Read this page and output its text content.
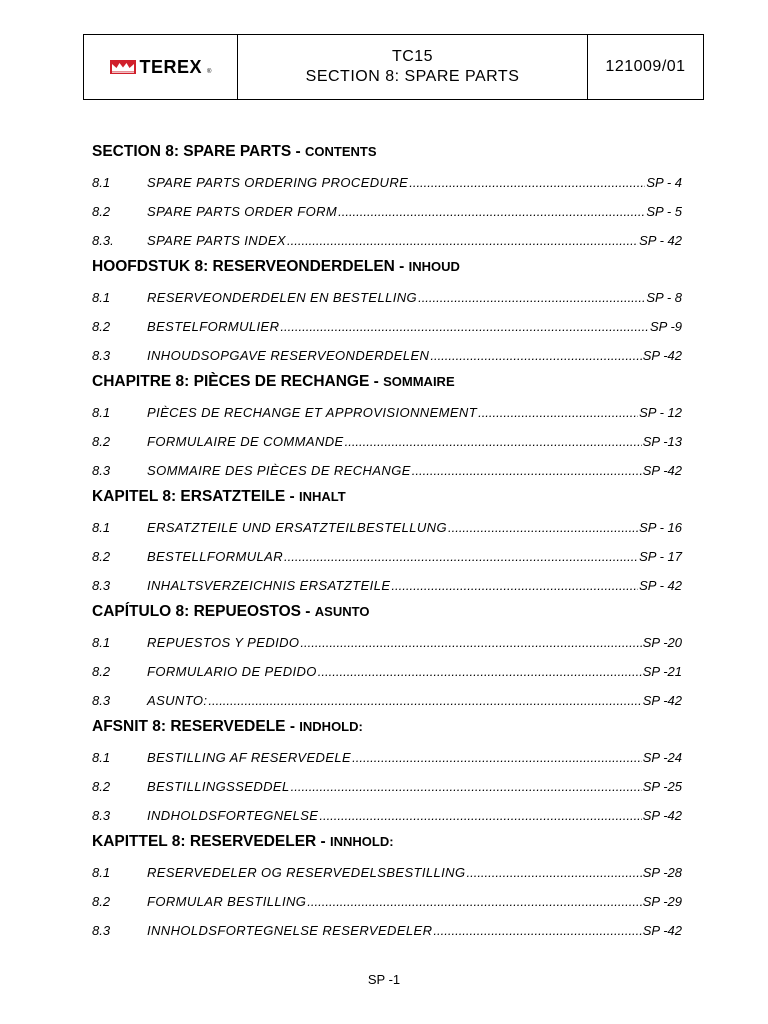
TEREX ®
TC15
SECTION 8: SPARE PARTS
121009/01
SECTION 8: SPARE PARTS - CONTENTS
8.1	SPARE PARTS ORDERING PROCEDURE .....	SP - 4
8.2	SPARE PARTS ORDER FORM .....	SP - 5
8.3.	SPARE PARTS INDEX .....	SP - 42
HOOFDSTUK 8: RESERVEONDERDELEN - INHOUD
8.1	RESERVEONDERDELEN EN BESTELLING .....	SP - 8
8.2	BESTELFORMULIER .....	SP -9
8.3	INHOUDSOPGAVE RESERVEONDERDELEN .....	SP -42
CHAPITRE 8: PIÈCES DE RECHANGE - SOMMAIRE
8.1	PIÈCES DE RECHANGE ET APPROVISIONNEMENT .....	SP - 12
8.2	FORMULAIRE DE COMMANDE .....	SP -13
8.3	SOMMAIRE DES PIÈCES DE RECHANGE .....	SP -42
KAPITEL 8: ERSATZTEILE - INHALT
8.1	ERSATZTEILE UND ERSATZTEILBESTELLUNG .....	SP - 16
8.2	BESTELLFORMULAR .....	SP - 17
8.3	INHALTSVERZEICHNIS ERSATZTEILE .....	SP - 42
CAPÍTULO 8: REPUEOSTOS - ASUNTO
8.1	REPUESTOS Y PEDIDO .....	SP -20
8.2	FORMULARIO DE PEDIDO .....	SP -21
8.3	ASUNTO: .....	SP -42
AFSNIT 8: RESERVEDELE - INDHOLD:
8.1	BESTILLING AF RESERVEDELE .....	SP -24
8.2	BESTILLINGSSEDDEL .....	SP -25
8.3	INDHOLDSFORTEGNELSE .....	SP -42
KAPITTEL 8: RESERVEDELER - INNHOLD:
8.1	RESERVEDELER OG RESERVEDELSBESTILLING .....	SP -28
8.2	FORMULAR BESTILLING .....	SP -29
8.3	INNHOLDSFORTEGNELSE RESERVEDELER .....	SP -42
SP -1
